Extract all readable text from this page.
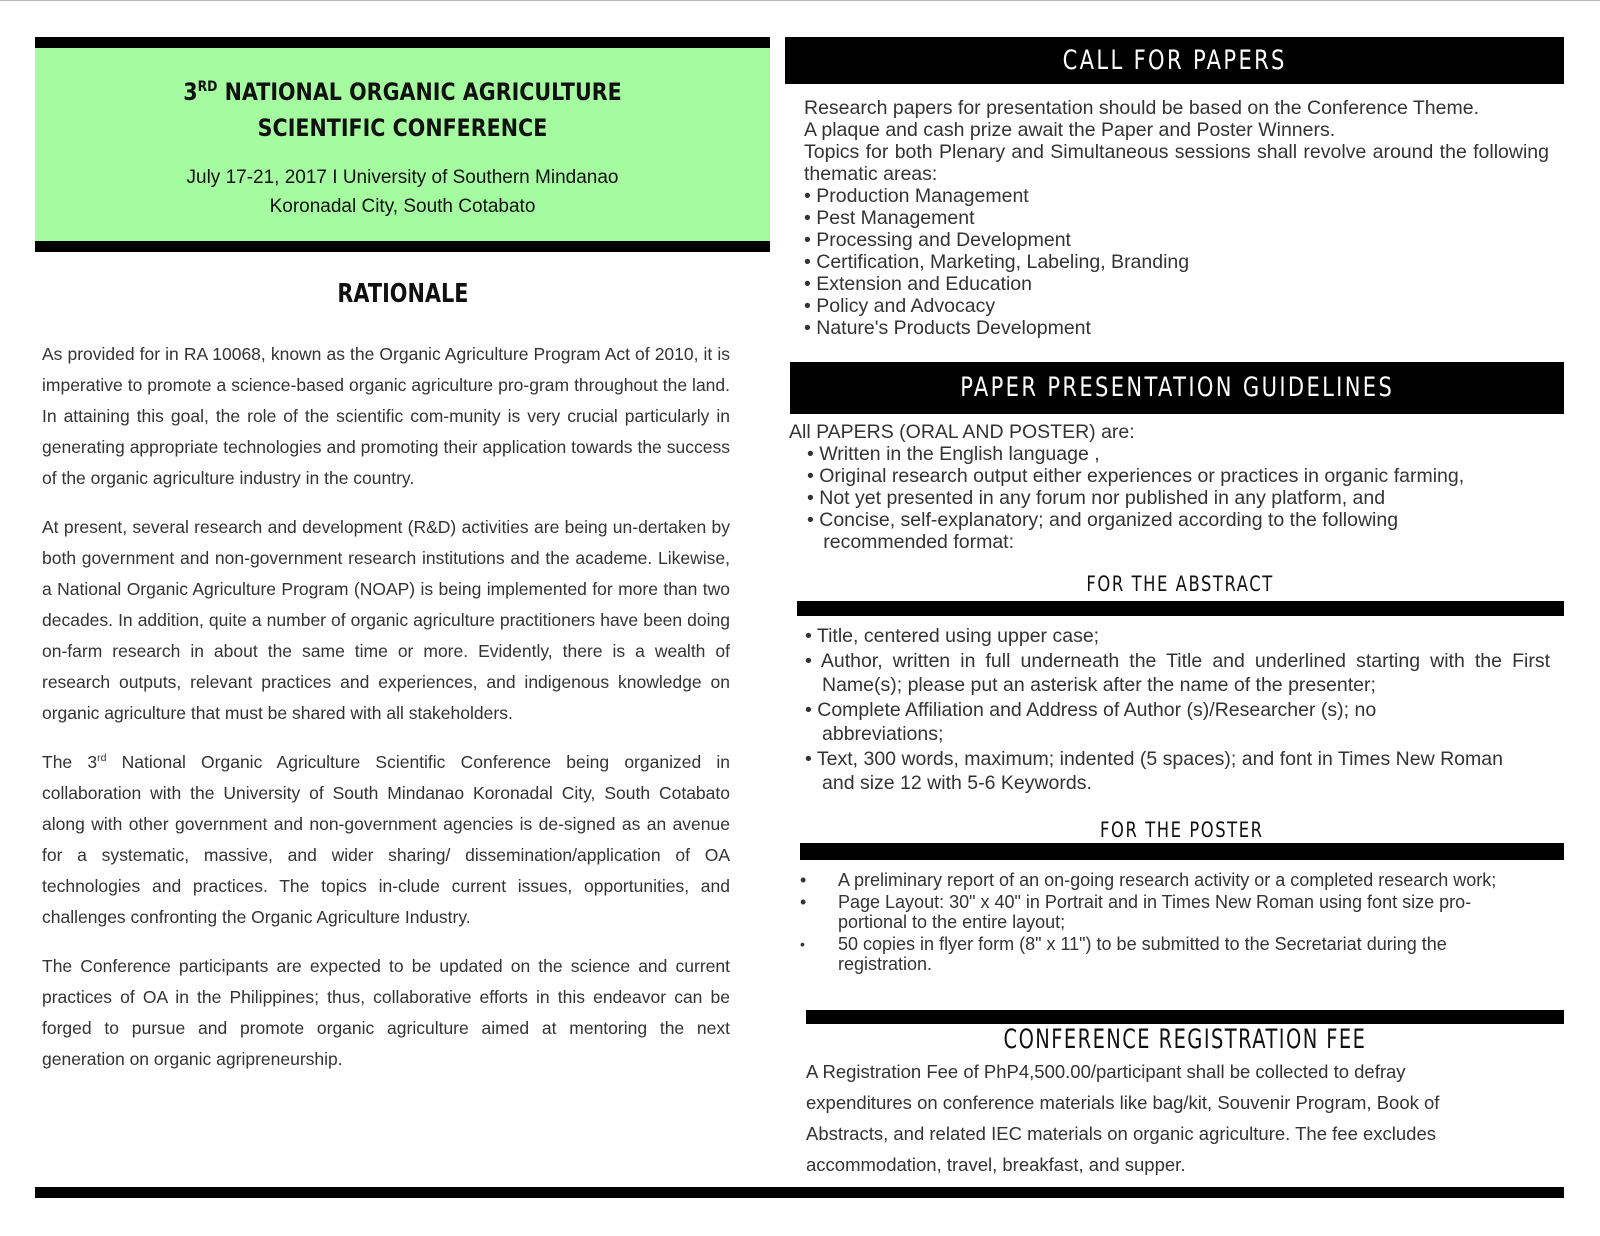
3RD NATIONAL ORGANIC AGRICULTURE
SCIENTIFIC CONFERENCE
July 17-21, 2017 I University of Southern Mindanao
Koronadal City, South Cotabato
RATIONALE

As provided for in RA 10068, known as the Organic Agriculture Program Act of 2010, it is imperative to promote a science-based organic agriculture pro-gram throughout the land. In attaining this goal, the role of the scientific com-munity is very crucial particularly in generating appropriate technologies and promoting their application towards the success of the organic agriculture industry in the country.

At present, several research and development (R&D) activities are being un-dertaken by both government and non-government research institutions and the academe. Likewise, a National Organic Agriculture Program (NOAP) is being implemented for more than two decades. In addition, quite a number of organic agriculture practitioners have been doing on-farm research in about the same time or more. Evidently, there is a wealth of research outputs, relevant practices and experiences, and indigenous knowledge on organic agriculture that must be shared with all stakeholders.

The 3rd National Organic Agriculture Scientific Conference being organized in collaboration with the University of South Mindanao Koronadal City, South Cotabato along with other government and non-government agencies is de-signed as an avenue for a systematic, massive, and wider sharing/ dissemination/application of OA technologies and practices. The topics in-clude current issues, opportunities, and challenges confronting the Organic Agriculture Industry.

The Conference participants are expected to be updated on the science and current practices of OA in the Philippines; thus, collaborative efforts in this endeavor can be forged to pursue and promote organic agriculture aimed at mentoring the next generation on organic agripreneurship.

CALL FOR PAPERS

Research papers for presentation should be based on the Conference Theme.

A plaque and cash prize await the Paper and Poster Winners.

Topics for both Plenary and Simultaneous sessions shall revolve around the following thematic areas:

• Production Management
• Pest Management
• Processing and Development
• Certification, Marketing, Labeling, Branding
• Extension and Education
• Policy and Advocacy
• Nature's Products Development
PAPER PRESENTATION GUIDELINES

All PAPERS (ORAL AND POSTER) are:

• Written in the English language ,
• Original research output either experiences or practices in organic farming,
• Not yet presented in any forum nor published in any platform, and
• Concise, self-explanatory; and organized according to the following
recommended format:
FOR THE ABSTRACT
• Title, centered using upper case;
• Author, written in full underneath the Title and underlined starting with the First Name(s); please put an asterisk after the name of the presenter;
• Complete Affiliation and Address of Author (s)/Researcher (s); no abbreviations;
• Text, 300 words, maximum; indented (5 spaces); and font in Times New Roman and size 12 with 5-6 Keywords.
FOR THE POSTER
•	A preliminary report of an on-going research activity or a completed research work;
•	Page Layout: 30" x 40" in Portrait and in Times New Roman using font size pro-portional to the entire layout;
•	50 copies in flyer form (8" x 11") to be submitted to the Secretariat during the registration.
CONFERENCE REGISTRATION FEE
A Registration Fee of PhP4,500.00/participant shall be collected to defray expenditures on conference materials like bag/kit, Souvenir Program, Book of Abstracts, and related IEC materials on organic agriculture. The fee excludes accommodation, travel, breakfast, and supper.
